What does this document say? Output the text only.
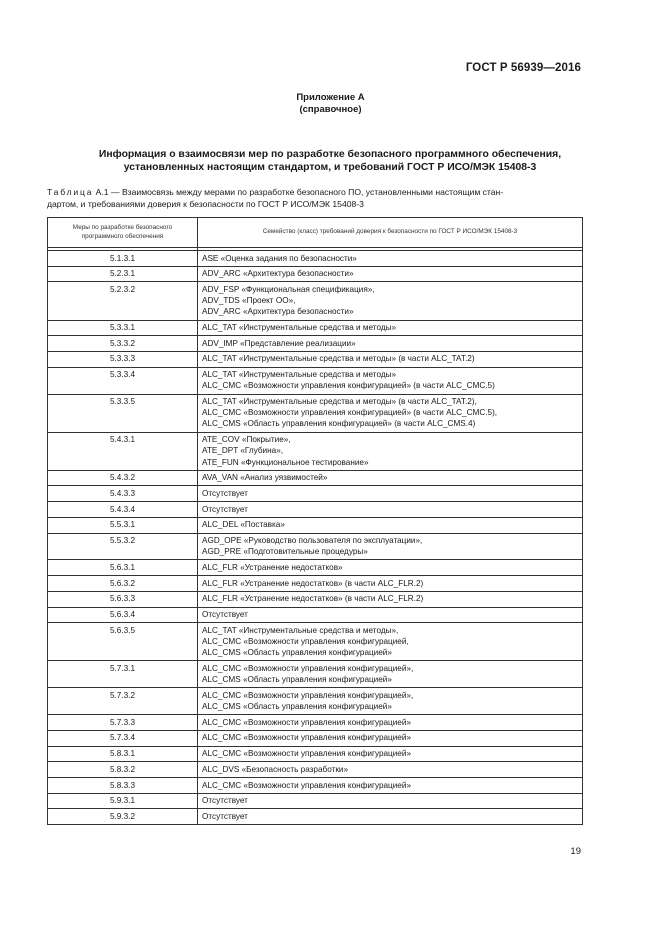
ГОСТ Р 56939—2016
Приложение А
(справочное)
Информация о взаимосвязи мер по разработке безопасного программного обеспечения,
установленных настоящим стандартом, и требований ГОСТ Р ИСО/МЭК 15408-3
Таблица А.1 — Взаимосвязь между мерами по разработке безопасного ПО, установленными настоящим стан-
дартом, и требованиями доверия к безопасности по ГОСТ Р ИСО/МЭК 15408-3
Меры по разработке безопасного программного обеспечения	Семейство (класс) требований доверия к безопасности по ГОСТ Р ИСО/МЭК 15408-3

5.1.3.1	ASE «Оценка задания по безопасности»

5.2.3.1	ADV_ARC «Архитектура безопасности»

5.2.3.2	ADV_FSP «Функциональная спецификация»,
ADV_TDS «Проект ОО»,
ADV_ARC «Архитектура безопасности»

5.3.3.1	ALC_TAT «Инструментальные средства и методы»

5.3.3.2	ADV_IMP «Представление реализации»

5.3.3.3	ALC_TAT «Инструментальные средства и методы» (в части ALC_TAT.2)

5.3.3.4	ALC_TAT «Инструментальные средства и методы»
ALC_CMC «Возможности управления конфигурацией» (в части ALC_CMC.5)

5.3.3.5	ALC_TAT «Инструментальные средства и методы» (в части ALC_TAT.2),
ALC_CMC «Возможности управления конфигурацией» (в части ALC_CMC.5),
ALC_CMS «Область управления конфигурацией» (в части ALC_CMS.4)

5.4.3.1	ATE_COV «Покрытие»,
ATE_DPT «Глубина»,
ATE_FUN «Функциональное тестирование»

5.4.3.2	AVA_VAN «Анализ уязвимостей»

5.4.3.3	Отсутствует

5.4.3.4	Отсутствует

5.5.3.1	ALC_DEL «Поставка»

5.5.3.2	AGD_OPE «Руководство пользователя по эксплуатации»,
AGD_PRE «Подготовительные процедуры»

5.6.3.1	ALC_FLR «Устранение недостатков»

5.6.3.2	ALC_FLR «Устранение недостатков» (в части ALC_FLR.2)

5.6.3.3	ALC_FLR «Устранение недостатков» (в части ALC_FLR.2)

5.6.3.4	Отсутствует

5.6.3.5	ALC_TAT «Инструментальные средства и методы»,
ALC_CMC «Возможности управления конфигурацией,
ALC_CMS «Область управления конфигурацией»

5.7.3.1	ALC_CMC «Возможности управления конфигурацией»,
ALC_CMS «Область управления конфигурацией»

5.7.3.2	ALC_CMC «Возможности управления конфигурацией»,
ALC_CMS «Область управления конфигурацией»

5.7.3.3	ALC_CMC «Возможности управления конфигурацией»

5.7.3.4	ALC_CMC «Возможности управления конфигурацией»

5.8.3.1	ALC_CMC «Возможности управления конфигурацией»

5.8.3.2	ALC_DVS «Безопасность разработки»

5.8.3.3	ALC_CMC «Возможности управления конфигурацией»

5.9.3.1	Отсутствует

5.9.3.2	Отсутствует
19
